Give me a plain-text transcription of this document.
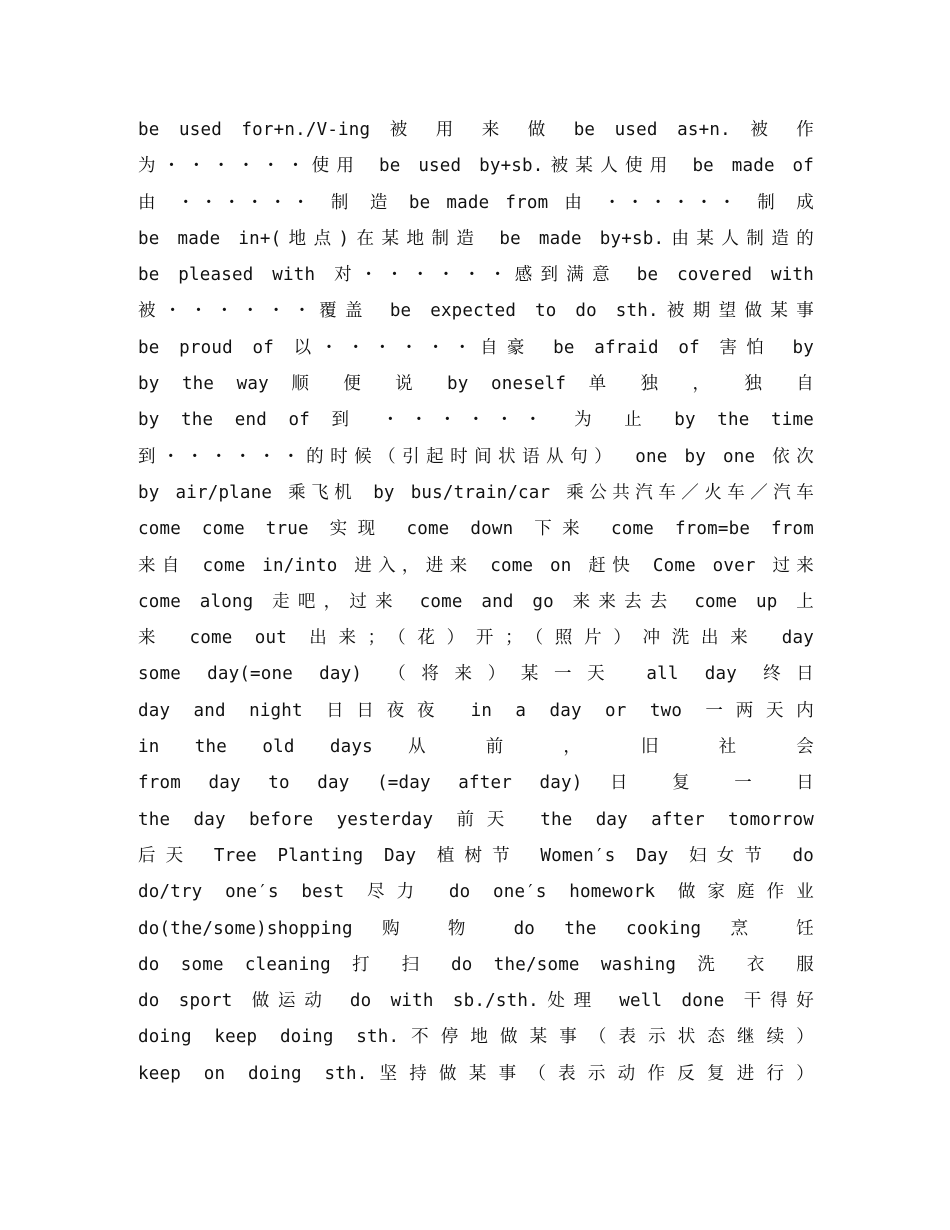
be used for+n./V-ing 被 用 来 做 be used as+n. 被 作
为・・・・・・使用 be used by+sb.被某人使用 be made of
由 ・・・・・・ 制 造 be made from 由 ・・・・・・ 制 成
be made in+(地点)在某地制造 be made by+sb.由某人制造的
be pleased with 对・・・・・・感到满意 be covered with
被・・・・・・覆盖 be expected to do sth.被期望做某事
be proud of 以・・・・・・自豪 be afraid of 害怕 by
by the way 顺 便 说 by oneself 单 独 ， 独 自
by the end of 到 ・・・・・・ 为 止 by the time
到・・・・・・的时候（引起时间状语从句） one by one 依次
by air/plane 乘飞机 by bus/train/car 乘公共汽车／火车／汽车
come come true 实现 come down 下来 come from=be from
来自 come in/into 进入，进来 come on 赶快 Come over 过来
come along 走吧，过来 come and go 来来去去 come up 上
来 come out 出来；（花）开；（照片）冲洗出来 day
some day(=one day) （将来）某一天 all day 终日
day and night 日日夜夜 in a day or two 一两天内
in the old days 从 前 ， 旧 社 会
from day to day (=day after day) 日 复 一 日
the day before yesterday 前天 the day after tomorrow
后天 Tree Planting Day 植树节 Women′s Day 妇女节 do
do/try one′s best 尽力 do one′s homework 做家庭作业
do(the/some)shopping 购 物 do the cooking 烹 饪
do some cleaning 打 扫 do the/some washing 洗 衣 服
do sport 做运动 do with sb./sth.处理 well done 干得好
doing keep doing sth.不停地做某事（表示状态继续）
keep on doing sth.坚持做某事（表示动作反复进行）
